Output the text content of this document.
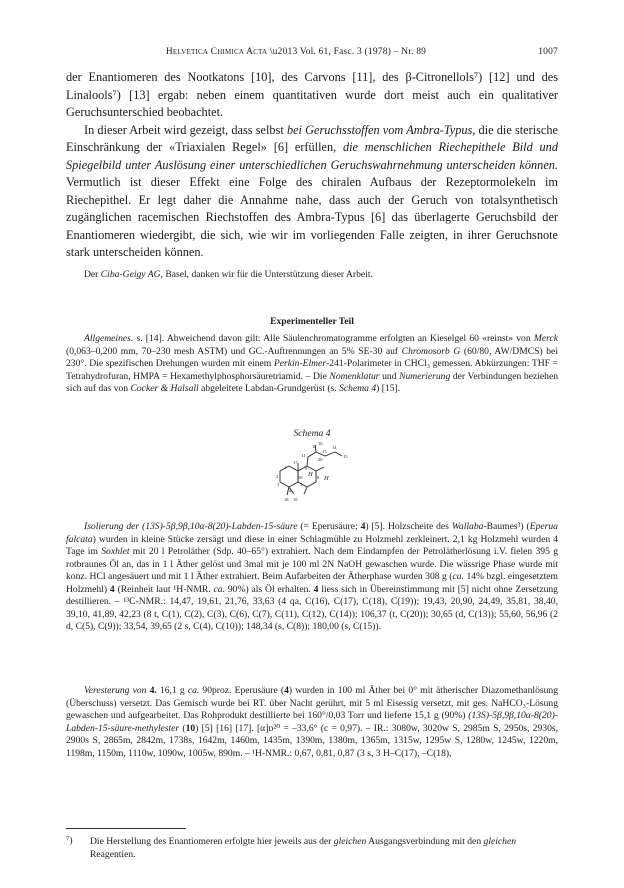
Helvetica Chimica Acta \u2013 Vol. 61, Fasc. 3 (1978) – Nr. 89	1007

der Enantiomeren des Nootkatons [10], des Carvons [11], des β-Citronellols⁷) [12] und des Linalools⁷) [13] ergab: neben einem quantitativen wurde dort meist auch ein qualitativer Geruchsunterschied beobachtet.

In dieser Arbeit wird gezeigt, dass selbst bei Geruchsstoffen vom Ambra-Typus, die die sterische Einschränkung der «Triaxialen Regel» [6] erfüllen, die menschlichen Riechepithele Bild und Spiegelbild unter Auslösung einer unterschiedlichen Geruchswahrnehmung unterscheiden können. Vermutlich ist dieser Effekt eine Folge des chiralen Aufbaus der Rezeptormolekeln im Riechepithel. Er legt daher die Annahme nahe, dass auch der Geruch von totalsynthetisch zugänglichen racemischen Riechstoffen des Ambra-Typus [6] das überlagerte Geruchsbild der Enantiomeren wiedergibt, die sich, wie wir im vorliegenden Falle zeigten, in ihrer Geruchsnote stark unterscheiden können.

Der Ciba-Geigy AG, Basel, danken wir für die Unterstützung dieser Arbeit.
Experimenteller Teil

Allgemeines. s. [14]. Abweichend davon gilt: Alle Säulenchromatogramme erfolgten an Kieselgel 60 «reinst» von Merck (0,063–0,200 mm, 70–230 mesh ASTM) und GC.-Auftrennungen an 5% SE-30 auf Chromosorb G (60/80, AW/DMCS) bei 230°. Die spezifischen Drehungen wurden mit einem Perkin-Elmer-241-Polarimeter in CHCl₃ gemessen. Abkürzungen: THF = Tetrahydrofuran, HMPA = Hexamethylphosphorsäuretriamid. – Die Nomenklatur und Numerierung der Verbindungen beziehen sich auf das von Cocker & Halsall abgeleitete Labdan-Grundgerüst (s. Schema 4) [15].

Schema 4
12
16
11
13
14
20
15
17
9
H 8 H
1
2	10
5
3
4
18 19

Isolierung der (13S)-5β,9β,10α-8(20)-Labden-15-säure (= Eperusäure; 4) [5]. Holzscheite des Wallaba-Baumes³) (Eperua falcata) wurden in kleine Stücke zersägt und diese in einer Schlagmühle zu Holzmehl zerkleinert. 2,1 kg Holzmehl wurden 4 Tage im Soxhlet mit 20 l Petroläther (Sdp. 40–65°) extrahiert. Nach dem Eindampfen der Petrolätherlösung i.V. fielen 395 g rotbraunes Öl an, das in 1 l Äther gelöst und 3mal mit je 100 ml 2N NaOH gewaschen wurde. Die wässrige Phase wurde mit konz. HCl angesäuert und mit 1 l Äther extrahiert. Beim Aufarbeiten der Ätherphase wurden 308 g (ca. 14% bzgl. eingesetztem Holzmehl) 4 (Reinheit laut ¹H-NMR. ca. 90%) als Öl erhalten. 4 liess sich in Übereinstimmung mit [5] nicht ohne Zersetzung destillieren. – ¹³C-NMR.: 14,47, 19,61, 21,76, 33,63 (4 qa, C(16), C(17), C(18), C(19)); 19,43, 20,90, 24,49, 35,81, 38,40, 39,10, 41,89, 42,23 (8 t, C(1), C(2), C(3), C(6), C(7), C(11), C(12), C(14)); 106,37 (t, C(20)); 30,65 (d, C(13)); 55,60, 56,96 (2 d, C(5), C(9)); 33,54, 39,65 (2 s, C(4), C(10)); 148,34 (s, C(8)); 180,00 (s, C(15)).

Veresterung von 4. 16,1 g ca. 90proz. Eperusäure (4) wurden in 100 ml Äther bei 0° mit ätherischer Diazomethanlösung (Überschuss) versetzt. Das Gemisch wurde bei RT. über Nacht gerührt, mit 5 ml Eisessig versetzt, mit ges. NaHCO₃-Lösung gewaschen und aufgearbeitet. Das Rohprodukt destillierte bei 160°/0,03 Torr und lieferte 15,1 g (90%) (13S)-5β,9β,10α-8(20)-Labden-15-säure-methylester (10) [5] [16] [17]. [α]ᴅ²⁰ = –33,6° (c = 0,97). – IR.: 3080w, 3020w S, 2985m S, 2950s, 2930s, 2900s S, 2865m, 2842m, 1738s, 1642m, 1460m, 1435m, 1390m, 1380m, 1365m, 1315w, 1295w S, 1280w, 1245w, 1220m, 1198m, 1150m, 1110w, 1090w, 1005w, 890m. – ¹H-NMR.: 0,67, 0,81, 0,87 (3 s, 3 H–C(17), –C(18),

⁷) Die Herstellung des Enantiomeren erfolgte hier jeweils aus der gleichen Ausgangsverbindung mit den gleichen Reagentien.
